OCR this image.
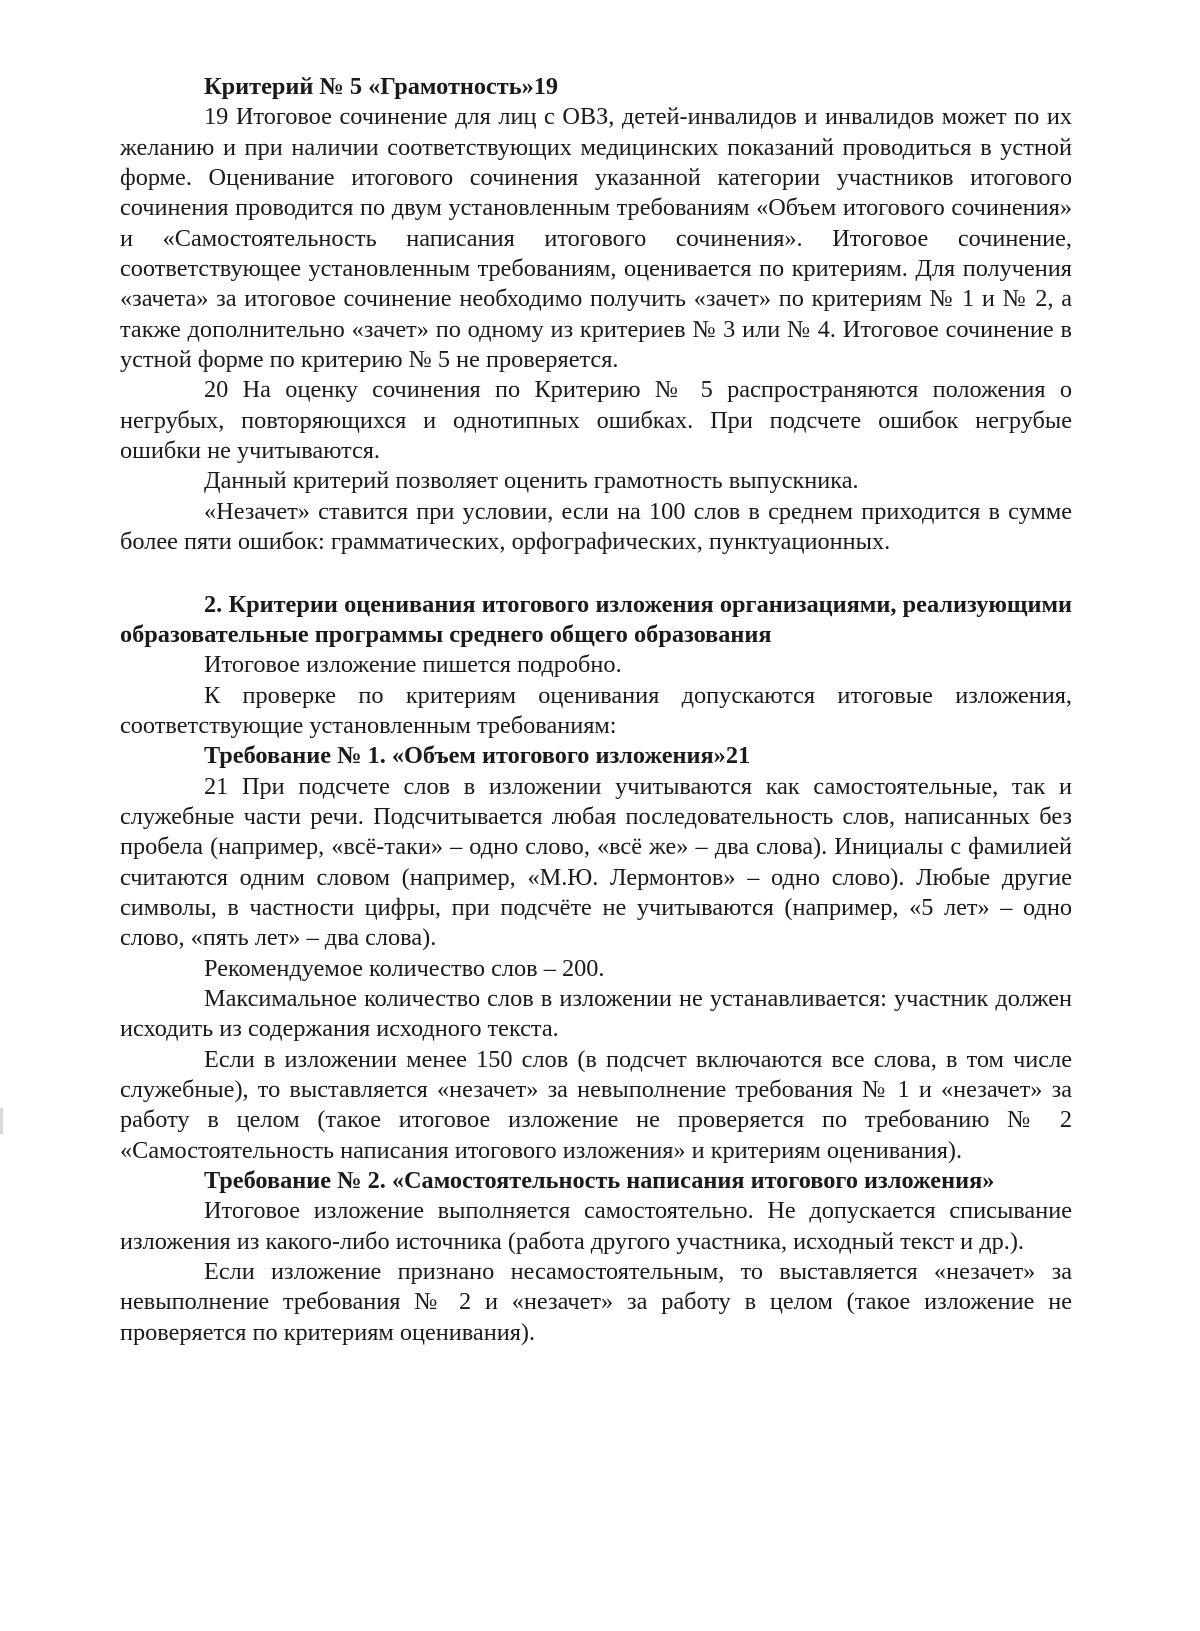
Критерий № 5 «Грамотность»19

19 Итоговое сочинение для лиц с ОВЗ, детей-инвалидов и инвалидов может по их желанию и при наличии соответствующих медицинских показаний проводиться в устной форме. Оценивание итогового сочинения указанной категории участников итогового сочинения проводится по двум установленным требованиям «Объем итогового сочинения» и «Самостоятельность написания итогового сочинения». Итоговое сочинение, соответствующее установленным требованиям, оценивается по критериям. Для получения «зачета» за итоговое сочинение необходимо получить «зачет» по критериям № 1 и № 2, а также дополнительно «зачет» по одному из критериев № 3 или № 4. Итоговое сочинение в устной форме по критерию № 5 не проверяется.

20 На оценку сочинения по Критерию № 5 распространяются положения о негрубых, повторяющихся и однотипных ошибках. При подсчете ошибок негрубые ошибки не учитываются.

Данный критерий позволяет оценить грамотность выпускника.

«Незачет» ставится при условии, если на 100 слов в среднем приходится в сумме более пяти ошибок: грамматических, орфографических, пунктуационных.

2. Критерии оценивания итогового изложения организациями, реализующими образовательные программы среднего общего образования

Итоговое изложение пишется подробно.

К проверке по критериям оценивания допускаются итоговые изложения, соответствующие установленным требованиям:

Требование № 1. «Объем итогового изложения»21

21 При подсчете слов в изложении учитываются как самостоятельные, так и служебные части речи. Подсчитывается любая последовательность слов, написанных без пробела (например, «всё-таки» – одно слово, «всё же» – два слова). Инициалы с фамилией считаются одним словом (например, «М.Ю. Лермонтов» – одно слово). Любые другие символы, в частности цифры, при подсчёте не учитываются (например, «5 лет» – одно слово, «пять лет» – два слова).

Рекомендуемое количество слов – 200.

Максимальное количество слов в изложении не устанавливается: участник должен исходить из содержания исходного текста.

Если в изложении менее 150 слов (в подсчет включаются все слова, в том числе служебные), то выставляется «незачет» за невыполнение требования № 1 и «незачет» за работу в целом (такое итоговое изложение не проверяется по требованию № 2 «Самостоятельность написания итогового изложения» и критериям оценивания).

Требование № 2. «Самостоятельность написания итогового изложения»

Итоговое изложение выполняется самостоятельно. Не допускается списывание изложения из какого-либо источника (работа другого участника, исходный текст и др.).

Если изложение признано несамостоятельным, то выставляется «незачет» за невыполнение требования № 2 и «незачет» за работу в целом (такое изложение не проверяется по критериям оценивания).
